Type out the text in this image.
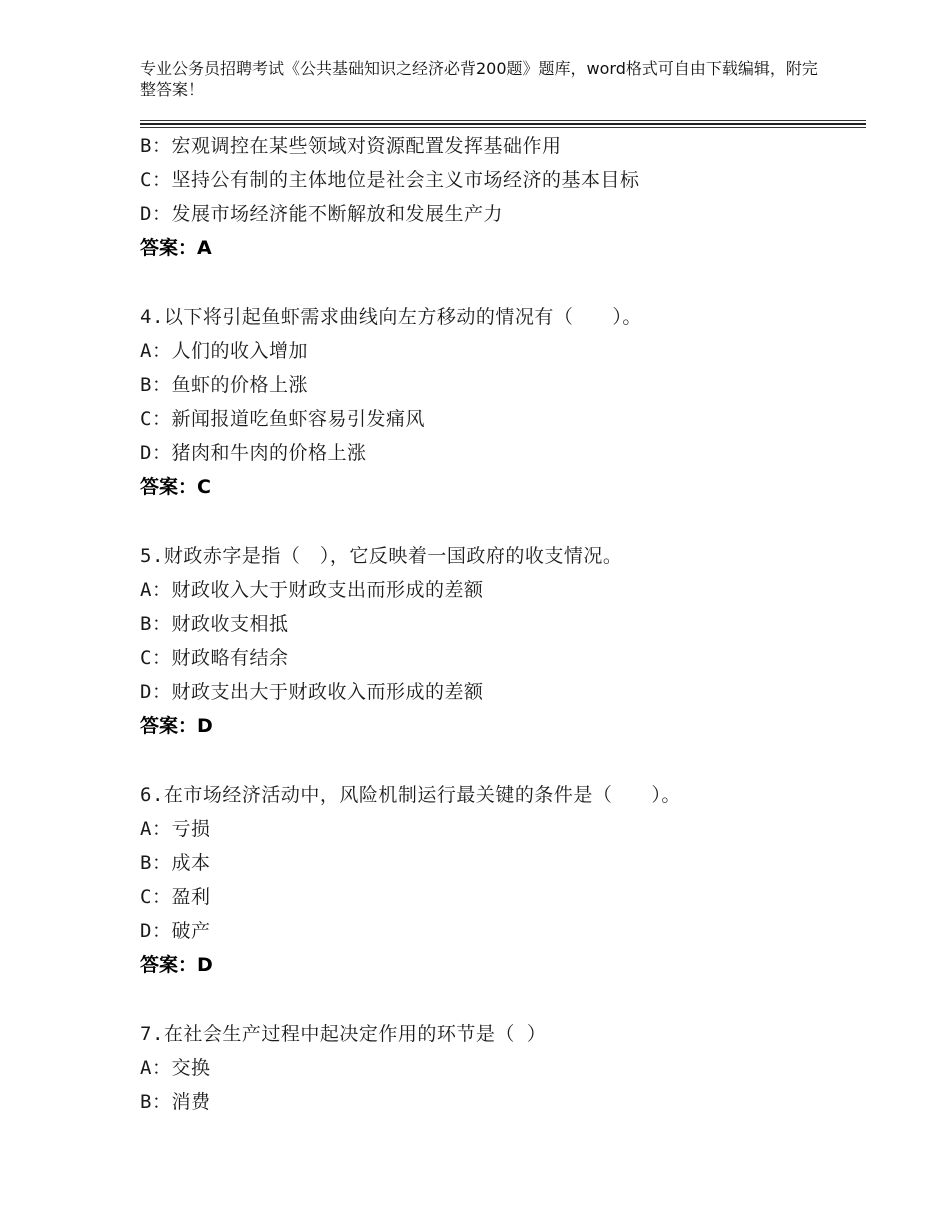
专业公务员招聘考试《公共基础知识之经济必背200题》题库，word格式可自由下载编辑，附完整答案！
B：宏观调控在某些领域对资源配置发挥基础作用
C：坚持公有制的主体地位是社会主义市场经济的基本目标
D：发展市场经济能不断解放和发展生产力
答案：A
4.以下将引起鱼虾需求曲线向左方移动的情况有（　　）。
A：人们的收入增加
B：鱼虾的价格上涨
C：新闻报道吃鱼虾容易引发痛风
D：猪肉和牛肉的价格上涨
答案：C
5.财政赤字是指（　），它反映着一国政府的收支情况。
A：财政收入大于财政支出而形成的差额
B：财政收支相抵
C：财政略有结余
D：财政支出大于财政收入而形成的差额
答案：D
6.在市场经济活动中，风险机制运行最关键的条件是（　　）。
A：亏损
B：成本
C：盈利
D：破产
答案：D
7.在社会生产过程中起决定作用的环节是（ ）
A：交换
B：消费
